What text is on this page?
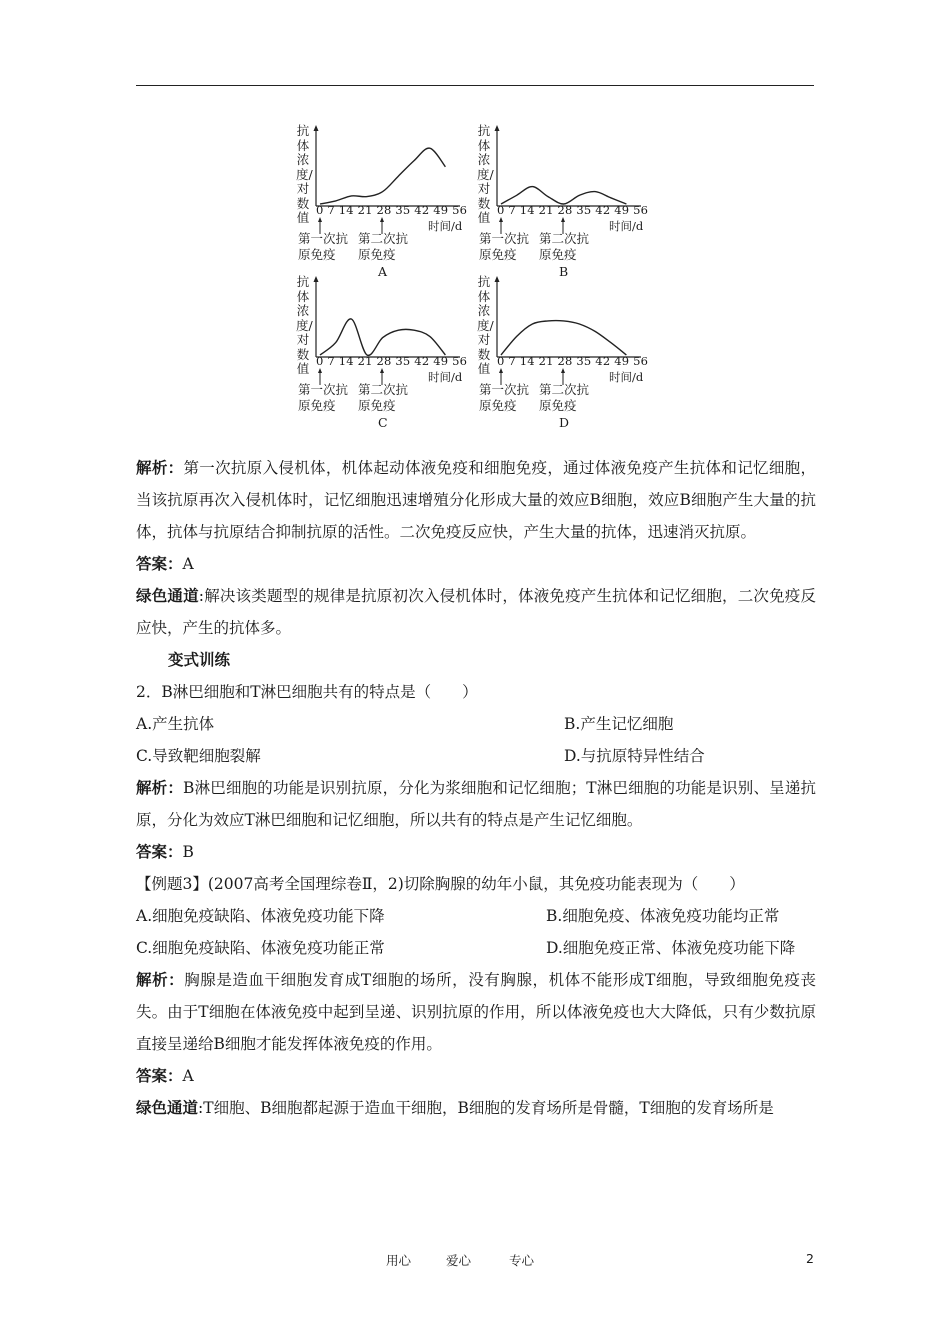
抗体浓度/对数值 0 7 14 21 28 35 42 49 56
时间/d
第一次抗
原免疫
第二次抗
原免疫
A
抗体浓度/对数值 0 7 14 21 28 35 42 49 56
时间/d
第一次抗
原免疫
第二次抗
原免疫
B
抗体浓度/对数值 0 7 14 21 28 35 42 49 56
时间/d
第一次抗
原免疫
第二次抗
原免疫
C
抗体浓度/对数值 0 7 14 21 28 35 42 49 56
时间/d
第一次抗
原免疫
第二次抗
原免疫
D

解析：第一次抗原入侵机体，机体起动体液免疫和细胞免疫，通过体液免疫产生抗体和记忆细胞，当该抗原再次入侵机体时，记忆细胞迅速增殖分化形成大量的效应B细胞，效应B细胞产生大量的抗体，抗体与抗原结合抑制抗原的活性。二次免疫反应快，产生大量的抗体，迅速消灭抗原。

答案：A

绿色通道:解决该类题型的规律是抗原初次入侵机体时，体液免疫产生抗体和记忆细胞，二次免疫反应快，产生的抗体多。

变式训练

2．B淋巴细胞和T淋巴细胞共有的特点是（　　）

A.产生抗体	B.产生记忆细胞
C.导致靶细胞裂解	D.与抗原特异性结合

解析：B淋巴细胞的功能是识别抗原，分化为浆细胞和记忆细胞；T淋巴细胞的功能是识别、呈递抗原，分化为效应T淋巴细胞和记忆细胞，所以共有的特点是产生记忆细胞。

答案：B

【例题3】(2007高考全国理综卷Ⅱ，2)切除胸腺的幼年小鼠，其免疫功能表现为（　　）

A.细胞免疫缺陷、体液免疫功能下降	B.细胞免疫、体液免疫功能均正常
C.细胞免疫缺陷、体液免疫功能正常	D.细胞免疫正常、体液免疫功能下降

解析：胸腺是造血干细胞发育成T细胞的场所，没有胸腺，机体不能形成T细胞，导致细胞免疫丧失。由于T细胞在体液免疫中起到呈递、识别抗原的作用，所以体液免疫也大大降低，只有少数抗原直接呈递给B细胞才能发挥体液免疫的作用。

答案：A

绿色通道:T细胞、B细胞都起源于造血干细胞，B细胞的发育场所是骨髓，T细胞的发育场所是

用心	爱心	专心	2
